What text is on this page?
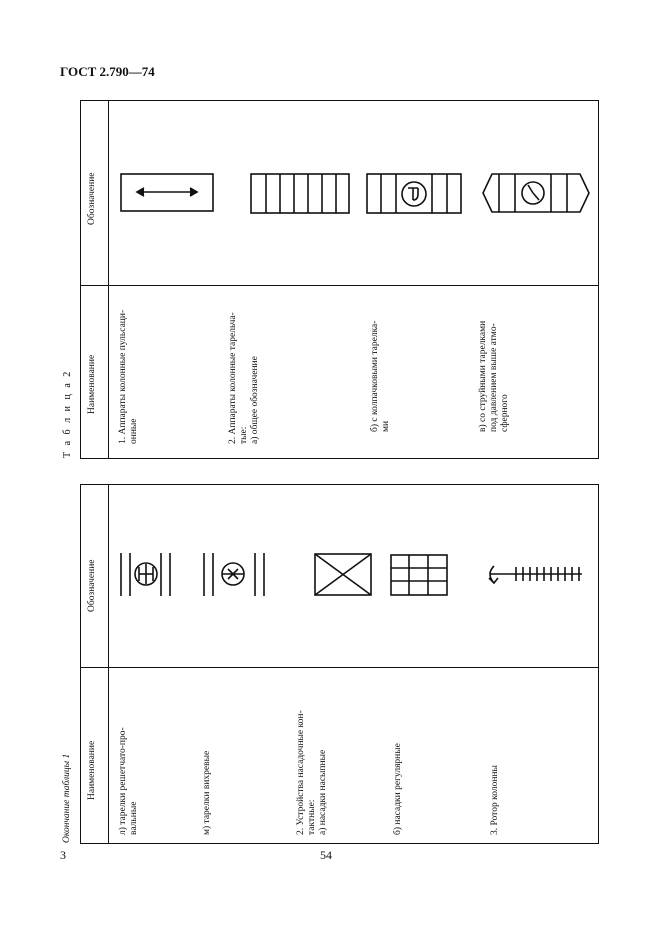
ГОСТ 2.790—74
54
3
Т а б л и ц а 2 Наименование
Обозначение
1. Аппараты колонные пульсаци- онные	2. Аппараты колонные тарельча- тые: а) общее обозначение	б) с колпачковыми тарелка- ми	в) со струйными тарелками под давлением выше атмо- сферного
Окончание таблицы 1 Наименование
Обозначение
л) тарелки решетчато-про- вальные	м) тарелки вихревые	2. Устройства насадочные кон- тактные: а) насадки насыпные	б) насадки регулярные	3. Ротор колонны
